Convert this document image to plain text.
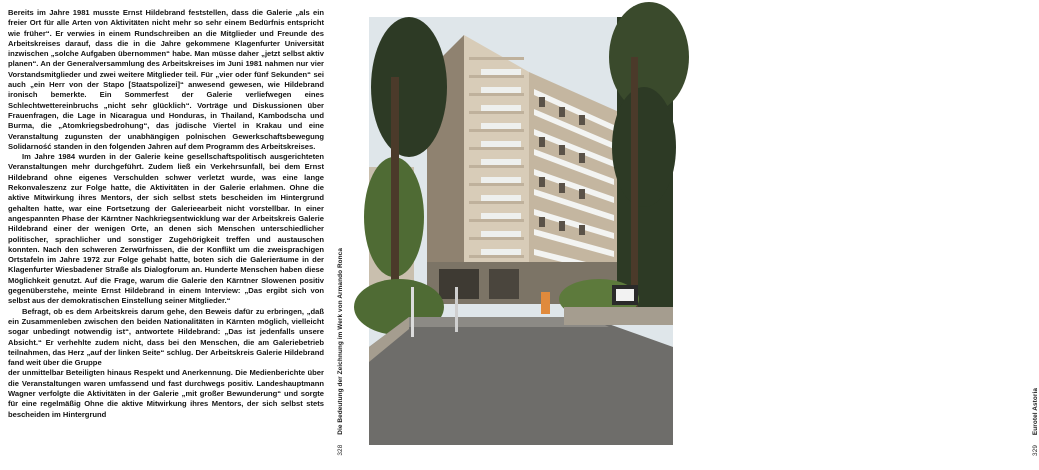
Bereits im Jahre 1981 musste Ernst Hildebrand feststellen, dass die Galerie „als ein freier Ort für alle Arten von Aktivitäten nicht mehr so sehr einem Bedürfnis entspricht wie früher“. Er verwies in einem Rundschreiben an die Mitglieder und Freunde des Arbeitskreises darauf, dass die in die Jahre gekommene Klagenfurter Universität inzwischen „solche Aufgaben übernommen“ habe. Man müsse daher „jetzt selbst aktiv planen“. An der Generalversammlung des Arbeitskreises im Juni 1981 nahmen nur vier Vorstandsmitglieder und zwei weitere Mitglieder teil. Für „vier oder fünf Sekunden“ sei auch „ein Herr von der Stapo [Staatspolizei]“ anwesend gewesen, wie Hildebrand ironisch bemerkte. Ein Sommerfest der Galerie verliefwegen eines Schlechtwettereinbruchs „nicht sehr glücklich“. Vorträge und Diskussionen über Frauenfragen, die Lage in Nicaragua und Honduras, in Thailand, Kambodscha und Burma, die „Atomkriegsbedrohung“, das jüdische Viertel in Krakau und eine Veranstaltung zugunsten der unabhängigen polnischen Gewerkschaftsbewegung Solidarność standen in den folgenden Jahren auf dem Programm des Arbeitskreises.

Im Jahre 1984 wurden in der Galerie keine gesellschaftspolitisch ausgerichteten Veranstaltungen mehr durchgeführt. Zudem ließ ein Verkehrsunfall, bei dem Ernst Hildebrand ohne eigenes Verschulden schwer verletzt wurde, was eine lange Rekonvaleszenz zur Folge hatte, die Aktivitäten in der Galerie erlahmen. Ohne die aktive Mitwirkung ihres Mentors, der sich selbst stets bescheiden im Hintergrund gehalten hatte, war eine Fortsetzung der Galerieearbeit nicht vorstellbar. In einer angespannten Phase der Kärntner Nachkriegsentwicklung war der Arbeitskreis Galerie Hildebrand einer der wenigen Orte, an denen sich Menschen unterschiedlicher politischer, sprachlicher und sonstiger Zugehörigkeit treffen und austauschen konnten. Nach den schweren Zerwürfnissen, die der Konflikt um die zweisprachigen Ortstafeln im Jahre 1972 zur Folge gehabt hatte, boten sich die Galerieräume in der Klagenfurter Wiesbadener Straße als Dialogforum an. Hunderte Menschen haben diese Möglichkeit genutzt. Auf die Frage, warum die Galerie den Kärntner Slowenen positiv gegenüberstehe, meinte Ernst Hildebrand in einem Interview: „Das ergibt sich von selbst aus der demokratischen Einstellung seiner Mitglieder.“

Befragt, ob es dem Arbeitskreis darum gehe, den Beweis dafür zu erbringen, „daß ein Zusammenleben zwischen den beiden Nationalitäten in Kärnten möglich, vielleicht sogar unbedingt notwendig ist“, antwortete Hildebrand: „Das ist jedenfalls unsere Absicht.“ Er verhehlte zudem nicht, dass bei den Menschen, die am Galeriebetrieb teilnahmen, das Herz „auf der linken Seite“ schlug. Der Arbeitskreis Galerie Hildebrand fand weit über die Gruppe

der unmittelbar Beteiligten hinaus Respekt und Anerkennung. Die Medienberichte über die Veranstaltungen waren umfassend und fast durchwegs positiv. Landeshauptmann Wagner verfolgte die Aktivitäten in der Galerie „mit großer Bewunderung“ und sorgte für eine regelmäßig Ohne die aktive Mitwirkung ihres Mentors, der sich selbst stets bescheiden im Hintergrund

328 Die Bedeutung der Zeichnung im Werk von Armando Ronca
329 Eurotel Astoria
